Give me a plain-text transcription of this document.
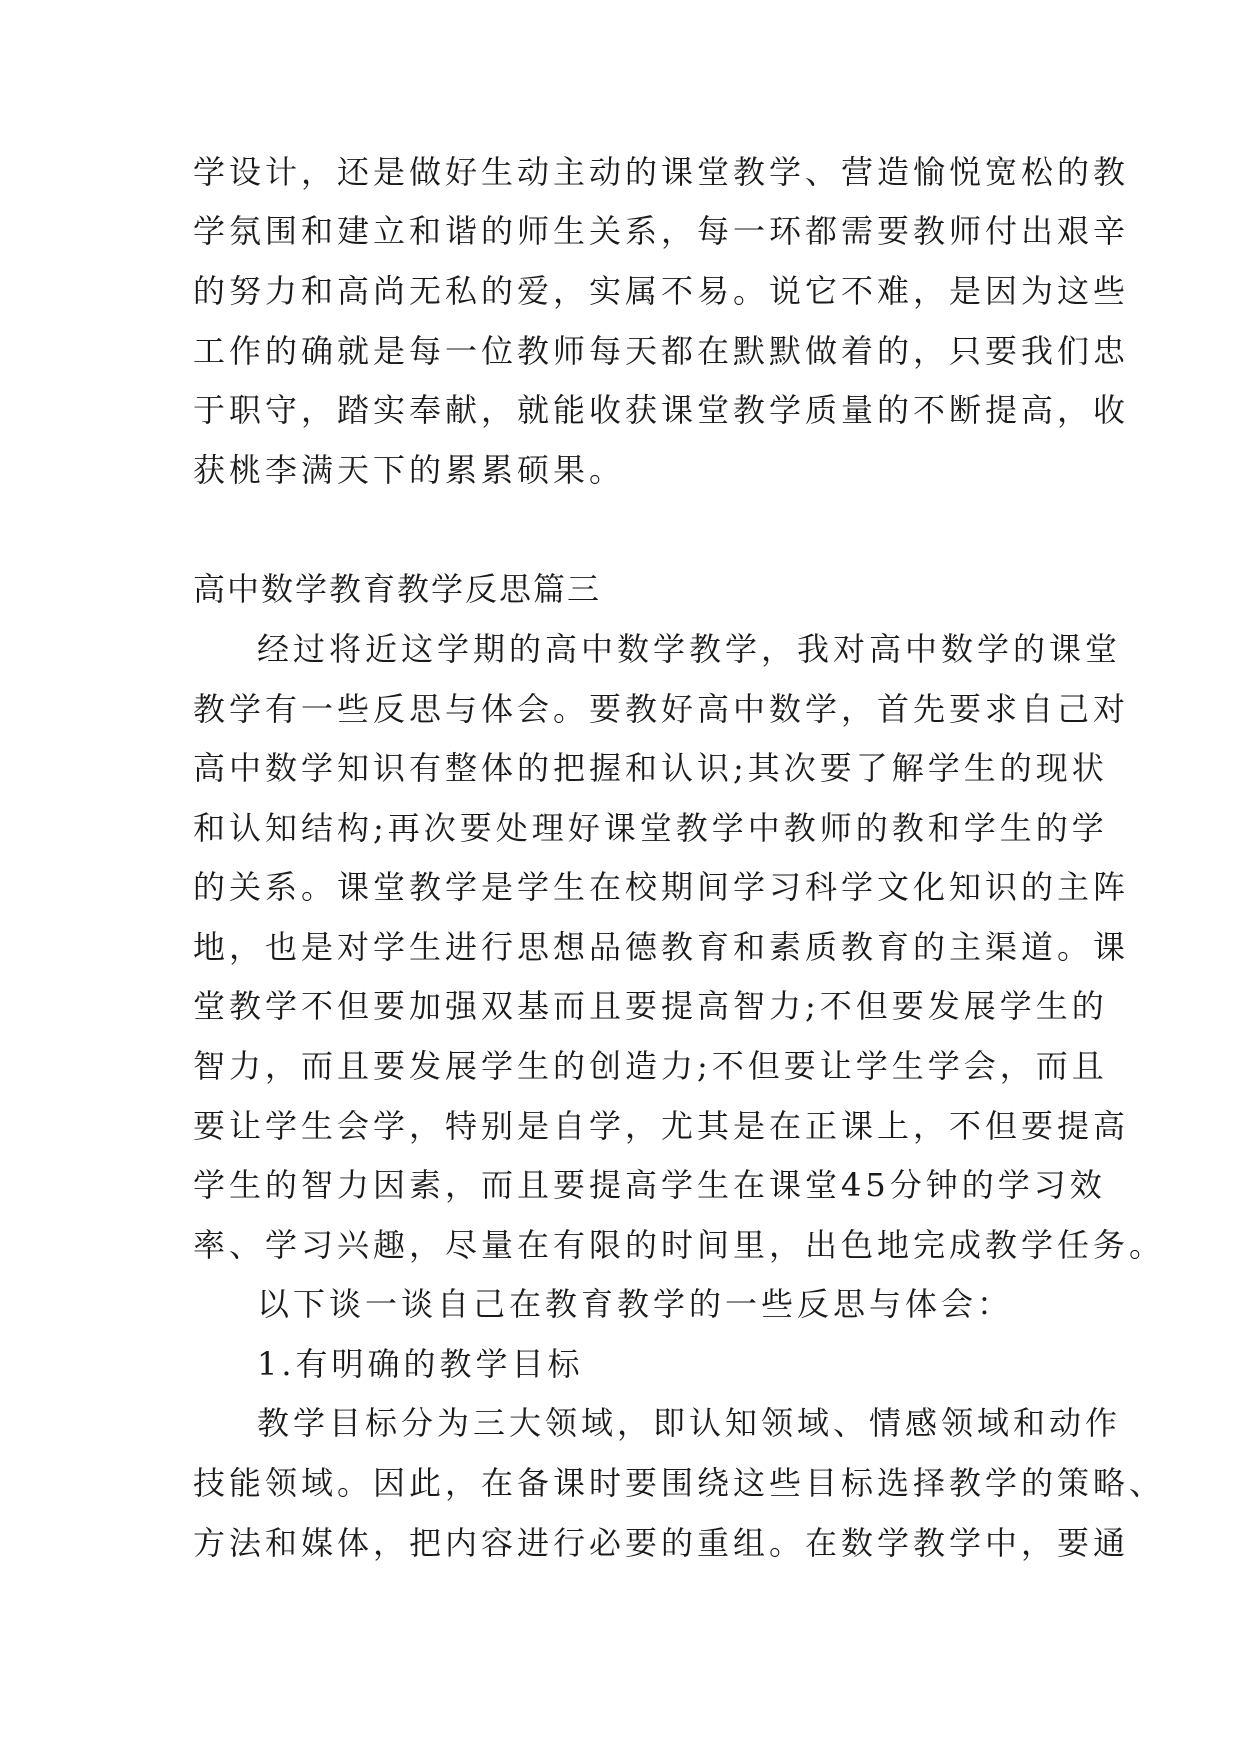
学设计，还是做好生动主动的课堂教学、营造愉悦宽松的教
学氛围和建立和谐的师生关系，每一环都需要教师付出艰辛
的努力和高尚无私的爱，实属不易。说它不难，是因为这些
工作的确就是每一位教师每天都在默默做着的，只要我们忠
于职守，踏实奉献，就能收获课堂教学质量的不断提高，收
获桃李满天下的累累硕果。
高中数学教育教学反思篇三
经过将近这学期的高中数学教学，我对高中数学的课堂
教学有一些反思与体会。要教好高中数学，首先要求自己对
高中数学知识有整体的把握和认识;其次要了解学生的现状
和认知结构;再次要处理好课堂教学中教师的教和学生的学
的关系。课堂教学是学生在校期间学习科学文化知识的主阵
地，也是对学生进行思想品德教育和素质教育的主渠道。课
堂教学不但要加强双基而且要提高智力;不但要发展学生的
智力，而且要发展学生的创造力;不但要让学生学会，而且
要让学生会学，特别是自学，尤其是在正课上，不但要提高
学生的智力因素，而且要提高学生在课堂45分钟的学习效
率、学习兴趣，尽量在有限的时间里，出色地完成教学任务。
以下谈一谈自己在教育教学的一些反思与体会：
1.有明确的教学目标
教学目标分为三大领域，即认知领域、情感领域和动作
技能领域。因此，在备课时要围绕这些目标选择教学的策略、
方法和媒体，把内容进行必要的重组。在数学教学中，要通
